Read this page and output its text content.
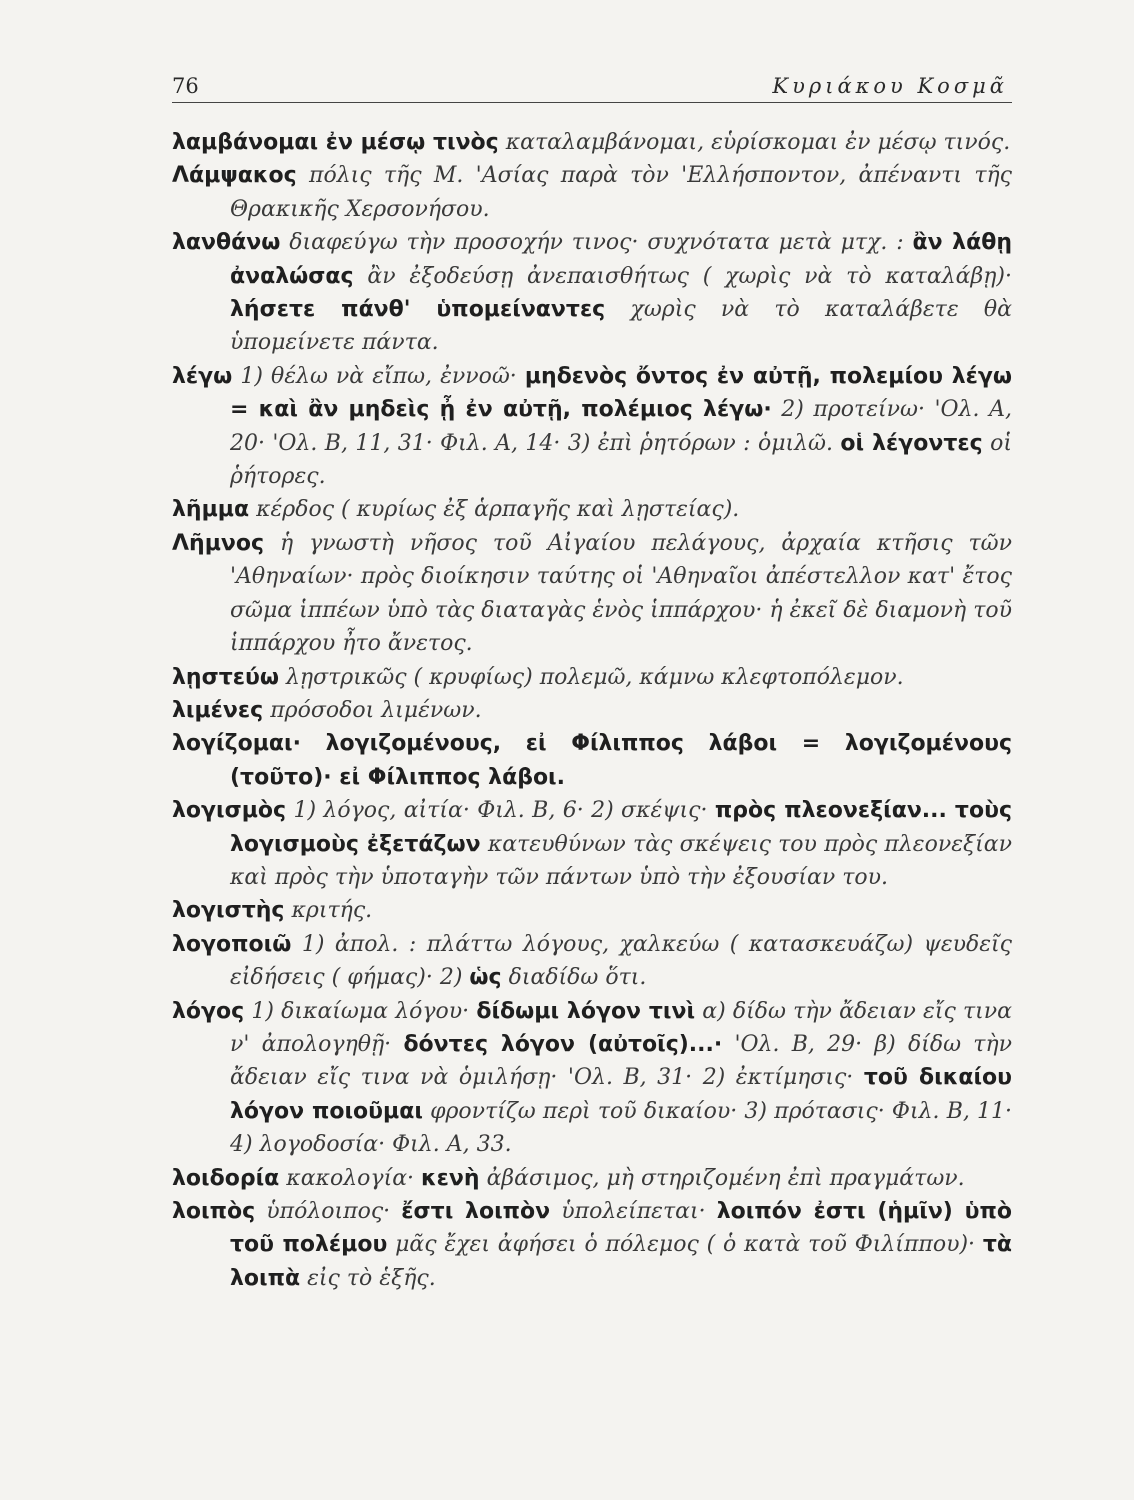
76	Κυριάκου Κοσμᾶ

λαμβάνομαι ἐν μέσῳ τινὸς καταλαμβάνομαι, εὑρίσκομαι ἐν μέσῳ τινός.

Λάμψακος πόλις τῆς Μ. 'Ασίας παρὰ τὸν 'Ελλήσποντον, ἀπέναντι τῆς Θρακικῆς Χερσονήσου.

λανθάνω διαφεύγω τὴν προσοχήν τινος· συχνότατα μετὰ μτχ. : ἂν λάθῃ ἀναλώσας ἂν ἐξοδεύσῃ ἀνεπαισθήτως ( χωρὶς νὰ τὸ καταλάβῃ)· λήσετε πάνθ' ὑπομείναντες χωρὶς νὰ τὸ καταλάβετε θὰ ὑπομείνετε πάντα.

λέγω 1) θέλω νὰ εἴπω, ἐννοῶ· μηδενὸς ὄντος ἐν αὐτῇ, πολεμίου λέγω = καὶ ἂν μηδεὶς ᾖ ἐν αὐτῇ, πολέμιος λέγω· 2) προτείνω· 'Ολ. Α, 20· 'Ολ. Β, 11, 31· Φιλ. Α, 14· 3) ἐπὶ ῥητόρων : ὁμιλῶ. οἱ λέγοντες οἱ ῥήτορες.

λῆμμα κέρδος ( κυρίως ἐξ ἁρπαγῆς καὶ λῃστείας).

Λῆμνος ἡ γνωστὴ νῆσος τοῦ Αἰγαίου πελάγους, ἀρχαία κτῆσις τῶν 'Αθηναίων· πρὸς διοίκησιν ταύτης οἱ 'Αθηναῖοι ἀπέστελλον κατ' ἔτος σῶμα ἱππέων ὑπὸ τὰς διαταγὰς ἑνὸς ἱππάρχου· ἡ ἐκεῖ δὲ διαμονὴ τοῦ ἱππάρχου ἦτο ἄνετος.

λῃστεύω λῃστρικῶς ( κρυφίως) πολεμῶ, κάμνω κλεφτοπόλεμον.

λιμένες πρόσοδοι λιμένων.

λογίζομαι· λογιζομένους, εἰ Φίλιππος λάβοι = λογιζομένους (τοῦτο)· εἰ Φίλιππος λάβοι.

λογισμὸς 1) λόγος, αἰτία· Φιλ. Β, 6· 2) σκέψις· πρὸς πλεονεξίαν... τοὺς λογισμοὺς ἐξετάζων κατευθύνων τὰς σκέψεις του πρὸς πλεονεξίαν καὶ πρὸς τὴν ὑποταγὴν τῶν πάντων ὑπὸ τὴν ἐξουσίαν του.

λογιστὴς κριτής.

λογοποιῶ 1) ἀπολ. : πλάττω λόγους, χαλκεύω ( κατασκευάζω) ψευδεῖς εἰδήσεις ( φήμας)· 2) ὡς διαδίδω ὅτι.

λόγος 1) δικαίωμα λόγου· δίδωμι λόγον τινὶ α) δίδω τὴν ἄδειαν εἴς τινα ν' ἀπολογηθῇ· δόντες λόγον (αὐτοῖς)...· 'Ολ. Β, 29· β) δίδω τὴν ἄδειαν εἴς τινα νὰ ὁμιλήσῃ· 'Ολ. Β, 31· 2) ἐκτίμησις· τοῦ δικαίου λόγον ποιοῦμαι φροντίζω περὶ τοῦ δικαίου· 3) πρότασις· Φιλ. Β, 11· 4) λογοδοσία· Φιλ. Α, 33.

λοιδορία κακολογία· κενὴ ἀβάσιμος, μὴ στηριζομένη ἐπὶ πραγμάτων.

λοιπὸς ὑπόλοιπος· ἔστι λοιπὸν ὑπολείπεται· λοιπόν ἐστι (ἡμῖν) ὑπὸ τοῦ πολέμου μᾶς ἔχει ἀφήσει ὁ πόλεμος ( ὁ κατὰ τοῦ Φιλίππου)· τὰ λοιπὰ εἰς τὸ ἑξῆς.
